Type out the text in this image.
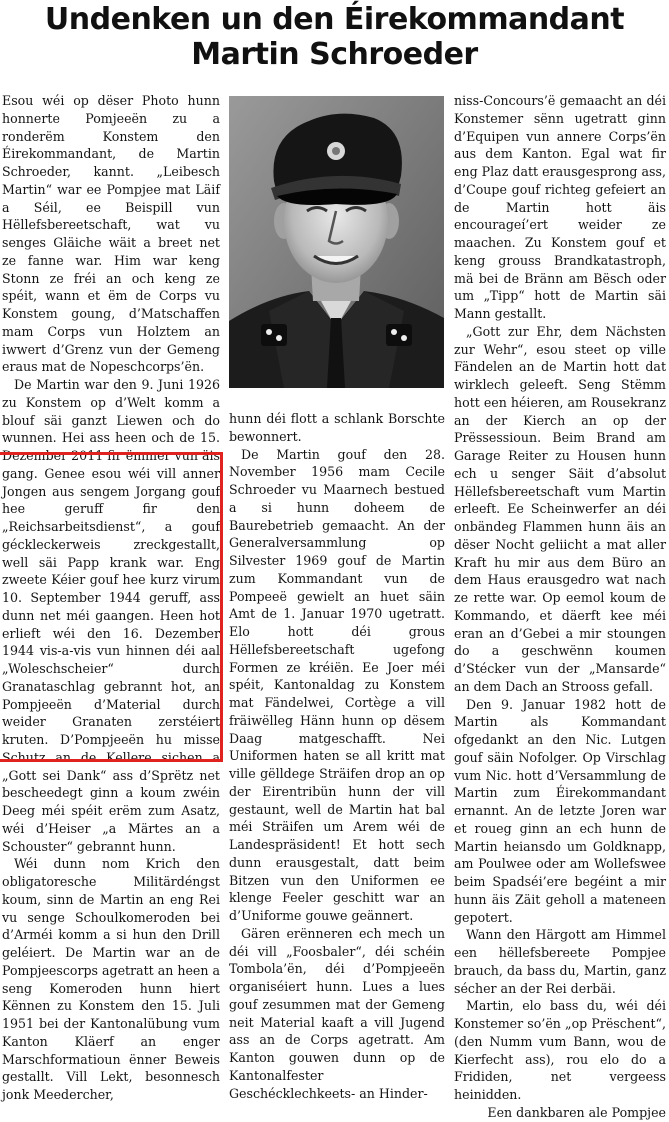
Undenken un den Éirekommandant
Martin Schroeder

Esou wéi op dëser Photo hunn honnerte Pomjeeën zu a ronderëm Konstem den Éirekommandant, de Martin Schroeder, kannt. „Leibesch Martin“ war ee Pompjee mat Läif a Séil, ee Beispill vun Hëllefsbereetschaft, wat vu senges Gläiche wäit a breet net ze fanne war. Him war keng Stonn ze fréi an och keng ze spéit, wann et ëm de Corps vu Konstem goung, d’Matschaffen mam Corps vun Holztem an iwwert d’Grenz vun der Gemeng eraus mat de Nopeschcorps’ën.

De Martin war den 9. Juni 1926 zu Konstem op d’Welt komm a blouf säi ganzt Liewen och do wunnen. Hei ass heen och de 15. Dezember 2011 fir ëmmer vun äis gang. Genee esou wéi vill anner Jongen aus sengem Jorgang gouf hee geruff fir den „Reichsarbeitsdienst“, a gouf géckleckerweis zreckgestallt, well säi Papp krank war. Eng zweete Kéier gouf hee kurz virum 10. September 1944 geruff, ass dunn net méi gaangen. Heen hot erlieft wéi den 16. Dezember 1944 vis-a-vis vun hinnen déi aal „Woleschscheier“ durch Granataschlag gebrannt hot, an Pompjeeën d’Material durch weider Granaten zerstéiert kruten. D’Pompjeeën hu misse Schutz an de Kellere sichen a „Gott sei Dank“ ass d’Sprëtz net bescheedegt ginn a koum zwéin Deeg méi spéit erëm zum Asatz, wéi d’Heiser „a Märtes an a Schouster“ gebrannt hunn.

Wéi dunn nom Krich den obligatoresche Militärdéngst koum, sinn de Martin an eng Rei vu senge Schoulkomeroden bei d’Arméi komm a si hun den Drill geléiert. De Martin war an de Pompjeescorps agetratt an heen a seng Komeroden hunn hiert Kënnen zu Konstem den 15. Juli 1951 bei der Kantonalübung vum Kanton Kläerf an enger Marschformatioun ënner Beweis gestallt. Vill Lekt, besonnesch jonk Meedercher,

hunn déi flott a schlank Borschte bewonnert.

De Martin gouf den 28. November 1956 mam Cecile Schroeder vu Maarnech bestued a si hunn doheem de Baurebetrieb gemaacht. An der Generalversammlung op Silvester 1969 gouf de Martin zum Kommandant vun de Pompeeë gewielt an huet säin Amt de 1. Januar 1970 ugetratt. Elo hott déi grous Hëllefsbereetschaft ugefong Formen ze kréiën. Ee Joer méi spéit, Kantonaldag zu Konstem mat Fändelwei, Cortège a vill fräiwëlleg Hänn hunn op dësem Daag matgeschafft. Nei Uniformen haten se all kritt mat ville gëlldege Sträifen drop an op der Eirentribün hunn der vill gestaunt, well de Martin hat bal méi Sträifen um Arem wéi de Landespräsident! Et hott sech dunn erausgestalt, datt beim Bitzen vun den Uniformen ee klenge Feeler geschitt war an d’Uniforme gouwe geännert.

Gären erënneren ech mech un déi vill „Foosbaler“, déi schéin Tombola’ën, déi d’Pompjeeën organiséiert hunn. Lues a lues gouf zesummen mat der Gemeng neit Material kaaft a vill Jugend ass an de Corps agetratt. Am Kanton gouwen dunn op de Kantonalfester Geschécklechkeets- an Hinder-

niss-Concours’ë gemaacht an déi Konstemer sënn ugetratt ginn d’Equipen vun annere Corps’ën aus dem Kanton. Egal wat fir eng Plaz datt erausgesprong ass, d’Coupe gouf richteg gefeiert an de Martin hott äis encourageí’ert weider ze maachen. Zu Konstem gouf et keng grouss Brandkatastroph, mä bei de Bränn am Bësch oder um „Tipp“ hott de Martin säi Mann gestallt.

„Gott zur Ehr, dem Nächsten zur Wehr“, esou steet op ville Fändelen an de Martin hott dat wirklech geleeft. Seng Stëmm hott een héieren, am Rousekranz an der Kierch an op der Prëssessioun. Beim Brand am Garage Reiter zu Housen hunn ech u senger Säit d’absolut Hëllefsbereetschaft vum Martin erleeft. Ee Scheinwerfer an déi onbändeg Flammen hunn äis an dëser Nocht geliicht a mat aller Kraft hu mir aus dem Büro an dem Haus erausgedro wat nach ze rette war. Op eemol koum de Kommando, et däerft kee méi eran an d’Gebei a mir stoungen do a geschwënn koumen d’Stécker vun der „Mansarde“ an dem Dach an Strooss gefall.

Den 9. Januar 1982 hott de Martin als Kommandant ofgedankt an den Nic. Lutgen gouf säin Nofolger. Op Virschlag vum Nic. hott d’Versammlung de Martin zum Éirekommandant ernannt. An de letzte Joren war et roueg ginn an ech hunn de Martin heiansdo um Goldknapp, am Poulwee oder am Wollefswee beim Spadséi’ere begéint a mir hunn äis Zäit geholl a mateneen gepotert.

Wann den Härgott am Himmel een hëllefsbereete Pompjee brauch, da bass du, Martin, ganz sécher an der Rei derbäi.

Martin, elo bass du, wéi déi Konstemer so’ën „op Prëschent“, (den Numm vum Bann, wou de Kierfecht ass), rou elo do a Frididen, net vergeess heinidden.

Een dankbaren ale Pompjee
